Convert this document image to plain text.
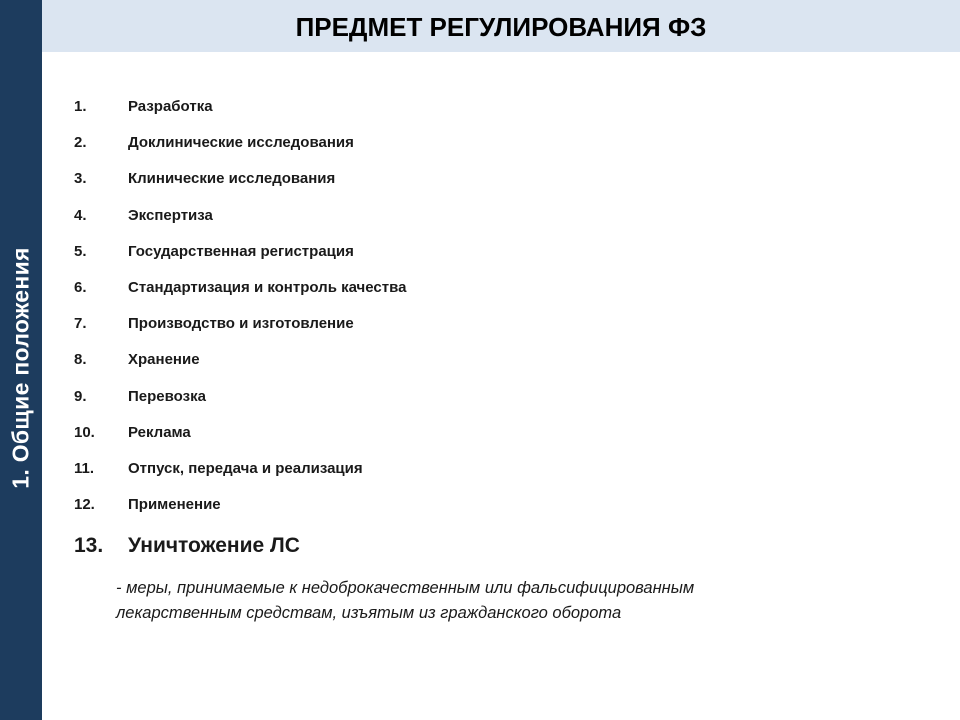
1. Общие положения
ПРЕДМЕТ РЕГУЛИРОВАНИЯ ФЗ
1.	Разработка
2.	Доклинические исследования
3.	Клинические исследования
4.	Экспертиза
5.	Государственная регистрация
6.	Стандартизация и контроль качества
7.	Производство и изготовление
8.	Хранение
9.	Перевозка
10. Реклама
11. Отпуск, передача и реализация
12. Применение
13. Уничтожение ЛС
- меры, принимаемые к недоброкачественным или фальсифицированным
лекарственным средствам, изъятым из гражданского оборота
